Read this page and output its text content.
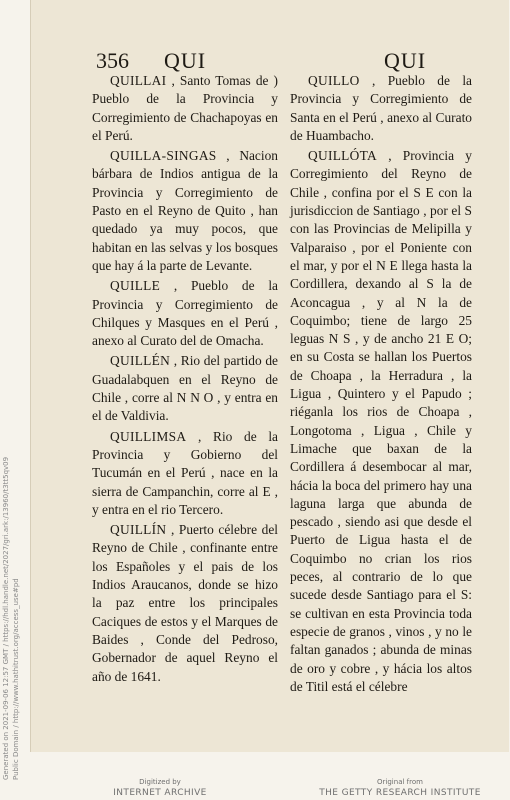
Generated on 2021-09-06 12:57 GMT / https://hdl.handle.net/2027/gri.ark:/13960/t3tt5qv09 Public Domain / http://www.hathitrust.org/access_use#pd
356 QUI	QUI

QUILLAI , Santo Tomas de ) Pueblo de la Provincia y Corregimiento de Chachapoyas en el Perú.

QUILLA-SINGAS , Nacion bárbara de Indios antigua de la Provincia y Corregimiento de Pasto en el Reyno de Quito , han quedado ya muy pocos, que habitan en las selvas y los bosques que hay á la parte de Levante.

QUILLE , Pueblo de la Provincia y Corregimiento de Chilques y Masques en el Perú , anexo al Curato del de Omacha.

QUILLÉN , Rio del partido de Guadalabquen en el Reyno de Chile , corre al N N O , y entra en el de Valdivia.

QUILLIMSA , Rio de la Provincia y Gobierno del Tucumán en el Perú , nace en la sierra de Campanchin, corre al E , y entra en el rio Tercero.

QUILLÍN , Puerto célebre del Reyno de Chile , confinante entre los Españoles y el pais de los Indios Araucanos, donde se hizo la paz entre los principales Caciques de estos y el Marques de Baides , Conde del Pedroso, Gobernador de aquel Reyno el año de 1641.

QUILLO , Pueblo de la Provincia y Corregimiento de Santa en el Perú , anexo al Curato de Huambacho.

QUILLÓTA , Provincia y Corregimiento del Reyno de Chile , confina por el S E con la jurisdiccion de Santiago , por el S con las Provincias de Melipilla y Valparaiso , por el Poniente con el mar, y por el N E llega hasta la Cordillera, dexando al S la de Aconcagua , y al N la de Coquimbo; tiene de largo 25 leguas N S , y de ancho 21 E O; en su Costa se hallan los Puertos de Choapa , la Herradura , la Ligua , Quintero y el Papudo ; riéganla los rios de Choapa , Longotoma , Ligua , Chile y Limache que baxan de la Cordillera á desembocar al mar, hácia la boca del primero hay una laguna larga que abunda de pescado , siendo asi que desde el Puerto de Ligua hasta el de Coquimbo no crian los rios peces, al contrario de lo que sucede desde Santiago para el S: se cultivan en esta Provincia toda especie de granos , vinos , y no le faltan ganados ; abunda de minas de oro y cobre , y hácia los altos de Titil está el célebre

Digitized by
INTERNET ARCHIVE
Original from
THE GETTY RESEARCH INSTITUTE
